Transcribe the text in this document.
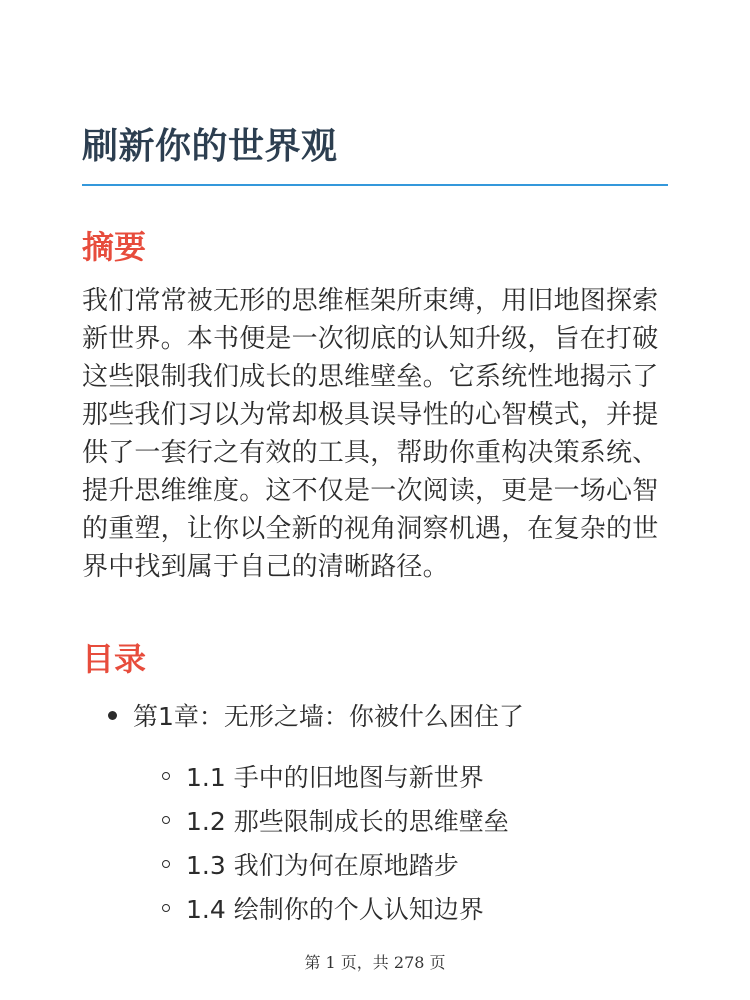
刷新你的世界观
摘要

我们常常被无形的思维框架所束缚，用旧地图探索新世界。本书便是一次彻底的认知升级，旨在打破这些限制我们成长的思维壁垒。它系统性地揭示了那些我们习以为常却极具误导性的心智模式，并提供了一套行之有效的工具，帮助你重构决策系统、提升思维维度。这不仅是一次阅读，更是一场心智的重塑，让你以全新的视角洞察机遇，在复杂的世界中找到属于自己的清晰路径。

目录
第1章：无形之墙：你被什么困住了
1.1 手中的旧地图与新世界
1.2 那些限制成长的思维壁垒
1.3 我们为何在原地踏步
1.4 绘制你的个人认知边界
第 1 页，共 278 页
